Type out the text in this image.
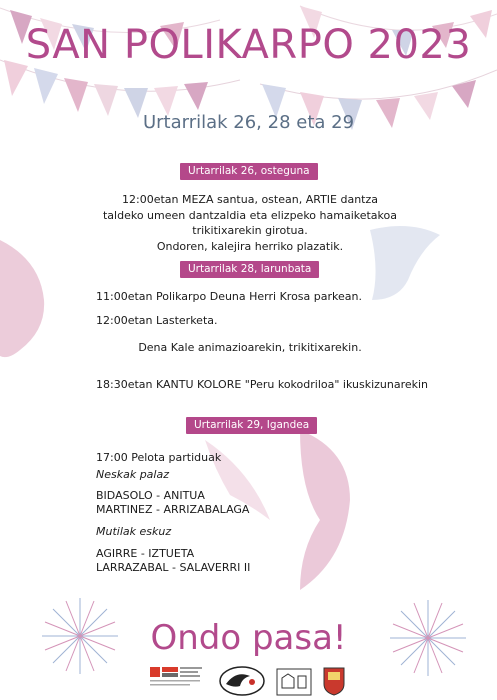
SAN POLIKARPO 2023
Urtarrilak 26, 28 eta 29
Urtarrilak 26, osteguna
12:00etan MEZA santua, ostean, ARTIE dantza
taldeko umeen dantzaldia eta elizpeko hamaiketakoa
trikitixarekin girotua.
Ondoren, kalejira herriko plazatik.
Urtarrilak 28, larunbata
11:00etan Polikarpo Deuna Herri Krosa parkean.
12:00etan Lasterketa.
Dena Kale animazioarekin, trikitixarekin.
18:30etan KANTU KOLORE "Peru kokodriloa" ikuskizunarekin
Urtarrilak 29, Igandea
17:00 Pelota partiduak
Neskak palaz
BIDASOLO - ANITUA
MARTINEZ - ARRIZABALAGA
Mutilak eskuz
AGIRRE - IZTUETA
LARRAZABAL - SALAVERRI II
Ondo pasa!
